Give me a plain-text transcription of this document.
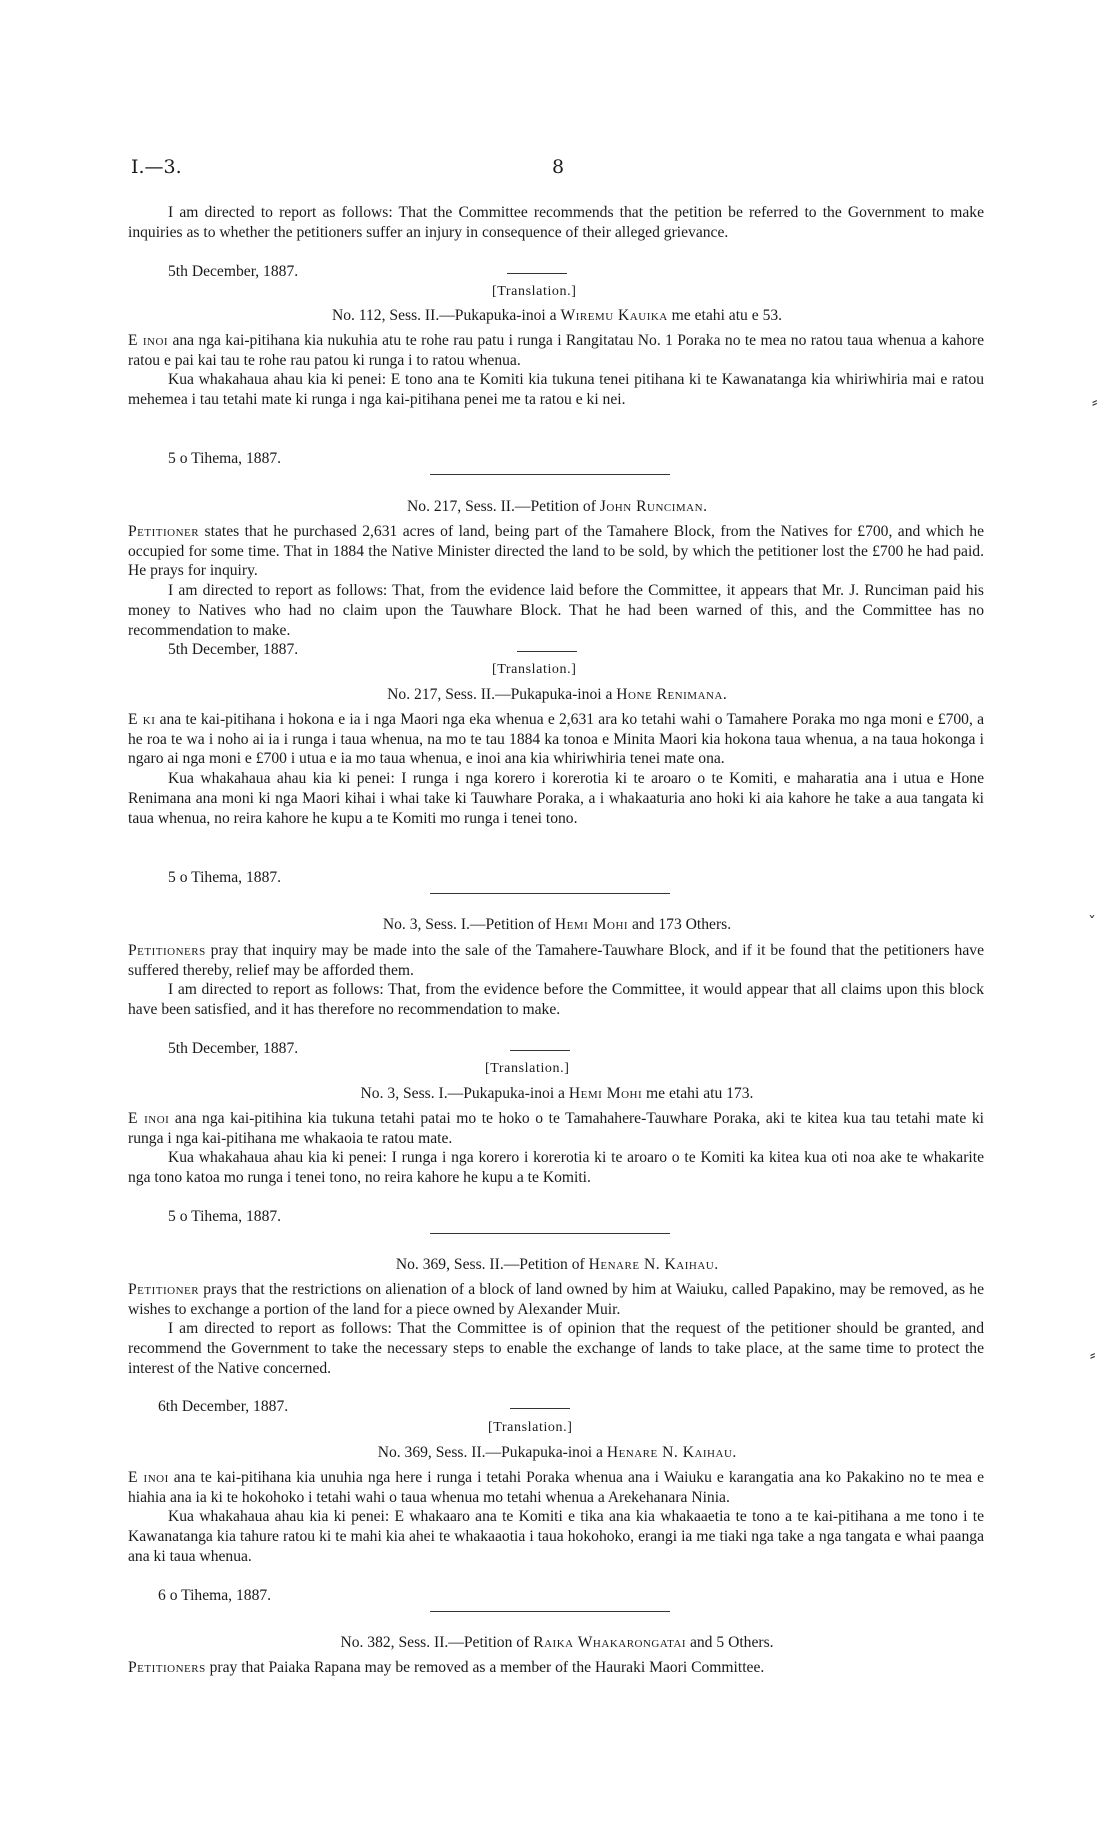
I.—3.	8

I am directed to report as follows: That the Committee recommends that the petition be referred to the Government to make inquiries as to whether the petitioners suffer an injury in consequence of their alleged grievance.

5th December, 1887.
[Translation.]
No. 112, Sess. II.—Pukapuka-inoi a Wiremu Kauika me etahi atu e 53.

E inoi ana nga kai-pitihana kia nukuhia atu te rohe rau patu i runga i Rangitatau No. 1 Poraka no te mea no ratou taua whenua a kahore ratou e pai kai tau te rohe rau patou ki runga i to ratou whenua.

Kua whakahaua ahau kia ki penei: E tono ana te Komiti kia tukuna tenei pitihana ki te Kawanatanga kia whiriwhiria mai e ratou mehemea i tau tetahi mate ki runga i nga kai-pitihana penei me ta ratou e ki nei.

5 o Tihema, 1887.
No. 217, Sess. II.—Petition of John Runciman.

Petitioner states that he purchased 2,631 acres of land, being part of the Tamahere Block, from the Natives for £700, and which he occupied for some time. That in 1884 the Native Minister directed the land to be sold, by which the petitioner lost the £700 he had paid. He prays for inquiry.

I am directed to report as follows: That, from the evidence laid before the Committee, it appears that Mr. J. Runciman paid his money to Natives who had no claim upon the Tauwhare Block. That he had been warned of this, and the Committee has no recommendation to make.

5th December, 1887.
[Translation.]
No. 217, Sess. II.—Pukapuka-inoi a Hone Renimana.

E ki ana te kai-pitihana i hokona e ia i nga Maori nga eka whenua e 2,631 ara ko tetahi wahi o Tamahere Poraka mo nga moni e £700, a he roa te wa i noho ai ia i runga i taua whenua, na mo te tau 1884 ka tonoa e Minita Maori kia hokona taua whenua, a na taua hokonga i ngaro ai nga moni e £700 i utua e ia mo taua whenua, e inoi ana kia whiriwhiria tenei mate ona.

Kua whakahaua ahau kia ki penei: I runga i nga korero i korerotia ki te aroaro o te Komiti, e maharatia ana i utua e Hone Renimana ana moni ki nga Maori kihai i whai take ki Tauwhare Poraka, a i whakaaturia ano hoki ki aia kahore he take a aua tangata ki taua whenua, no reira kahore he kupu a te Komiti mo runga i tenei tono.

5 o Tihema, 1887.
No. 3, Sess. I.—Petition of Hemi Mohi and 173 Others.

Petitioners pray that inquiry may be made into the sale of the Tamahere-Tauwhare Block, and if it be found that the petitioners have suffered thereby, relief may be afforded them.

I am directed to report as follows: That, from the evidence before the Committee, it would appear that all claims upon this block have been satisfied, and it has therefore no recommendation to make.

5th December, 1887.
[Translation.]
No. 3, Sess. I.—Pukapuka-inoi a Hemi Mohi me etahi atu 173.

E inoi ana nga kai-pitihina kia tukuna tetahi patai mo te hoko o te Tamahahere-Tauwhare Poraka, aki te kitea kua tau tetahi mate ki runga i nga kai-pitihana me whakaoia te ratou mate.

Kua whakahaua ahau kia ki penei: I runga i nga korero i korerotia ki te aroaro o te Komiti ka kitea kua oti noa ake te whakarite nga tono katoa mo runga i tenei tono, no reira kahore he kupu a te Komiti.

5 o Tihema, 1887.
No. 369, Sess. II.—Petition of Henare N. Kaihau.

Petitioner prays that the restrictions on alienation of a block of land owned by him at Waiuku, called Papakino, may be removed, as he wishes to exchange a portion of the land for a piece owned by Alexander Muir.

I am directed to report as follows: That the Committee is of opinion that the request of the petitioner should be granted, and recommend the Government to take the necessary steps to enable the exchange of lands to take place, at the same time to protect the interest of the Native concerned.

6th December, 1887.
[Translation.]
No. 369, Sess. II.—Pukapuka-inoi a Henare N. Kaihau.

E inoi ana te kai-pitihana kia unuhia nga here i runga i tetahi Poraka whenua ana i Waiuku e karangatia ana ko Pakakino no te mea e hiahia ana ia ki te hokohoko i tetahi wahi o taua whenua mo tetahi whenua a Arekehanara Ninia.

Kua whakahaua ahau kia ki penei: E whakaaro ana te Komiti e tika ana kia whakaaetia te tono a te kai-pitihana a me tono i te Kawanatanga kia tahure ratou ki te mahi kia ahei te whakaaotia i taua hokohoko, erangi ia me tiaki nga take a nga tangata e whai paanga ana ki taua whenua.

6 o Tihema, 1887.
No. 382, Sess. II.—Petition of Raika Whakarongatai and 5 Others.

Petitioners pray that Paiaka Rapana may be removed as a member of the Hauraki Maori Committee.

⸗
ˇ
⸗
